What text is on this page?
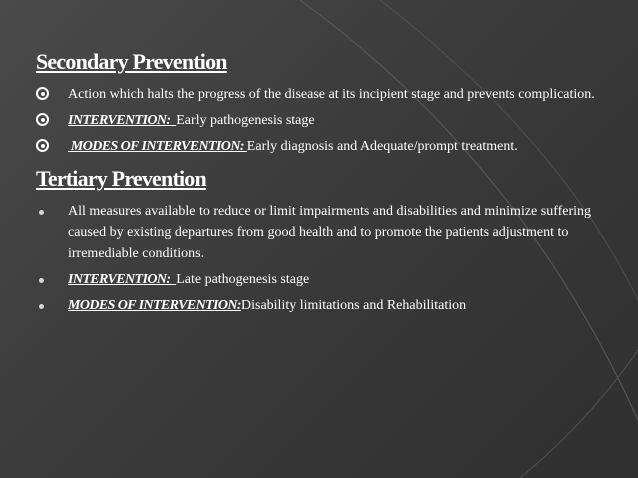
Secondary Prevention
Action which halts the progress of the disease at its incipient stage and prevents complication.
INTERVENTION:  Early pathogenesis stage
MODES OF INTERVENTION: Early diagnosis and Adequate/prompt treatment.
Tertiary Prevention
All measures available to reduce or limit impairments and disabilities and minimize suffering caused by existing departures from good health and to promote the patients adjustment to irremediable conditions.
INTERVENTION:  Late pathogenesis stage
MODES OF INTERVENTION:Disability limitations and Rehabilitation
